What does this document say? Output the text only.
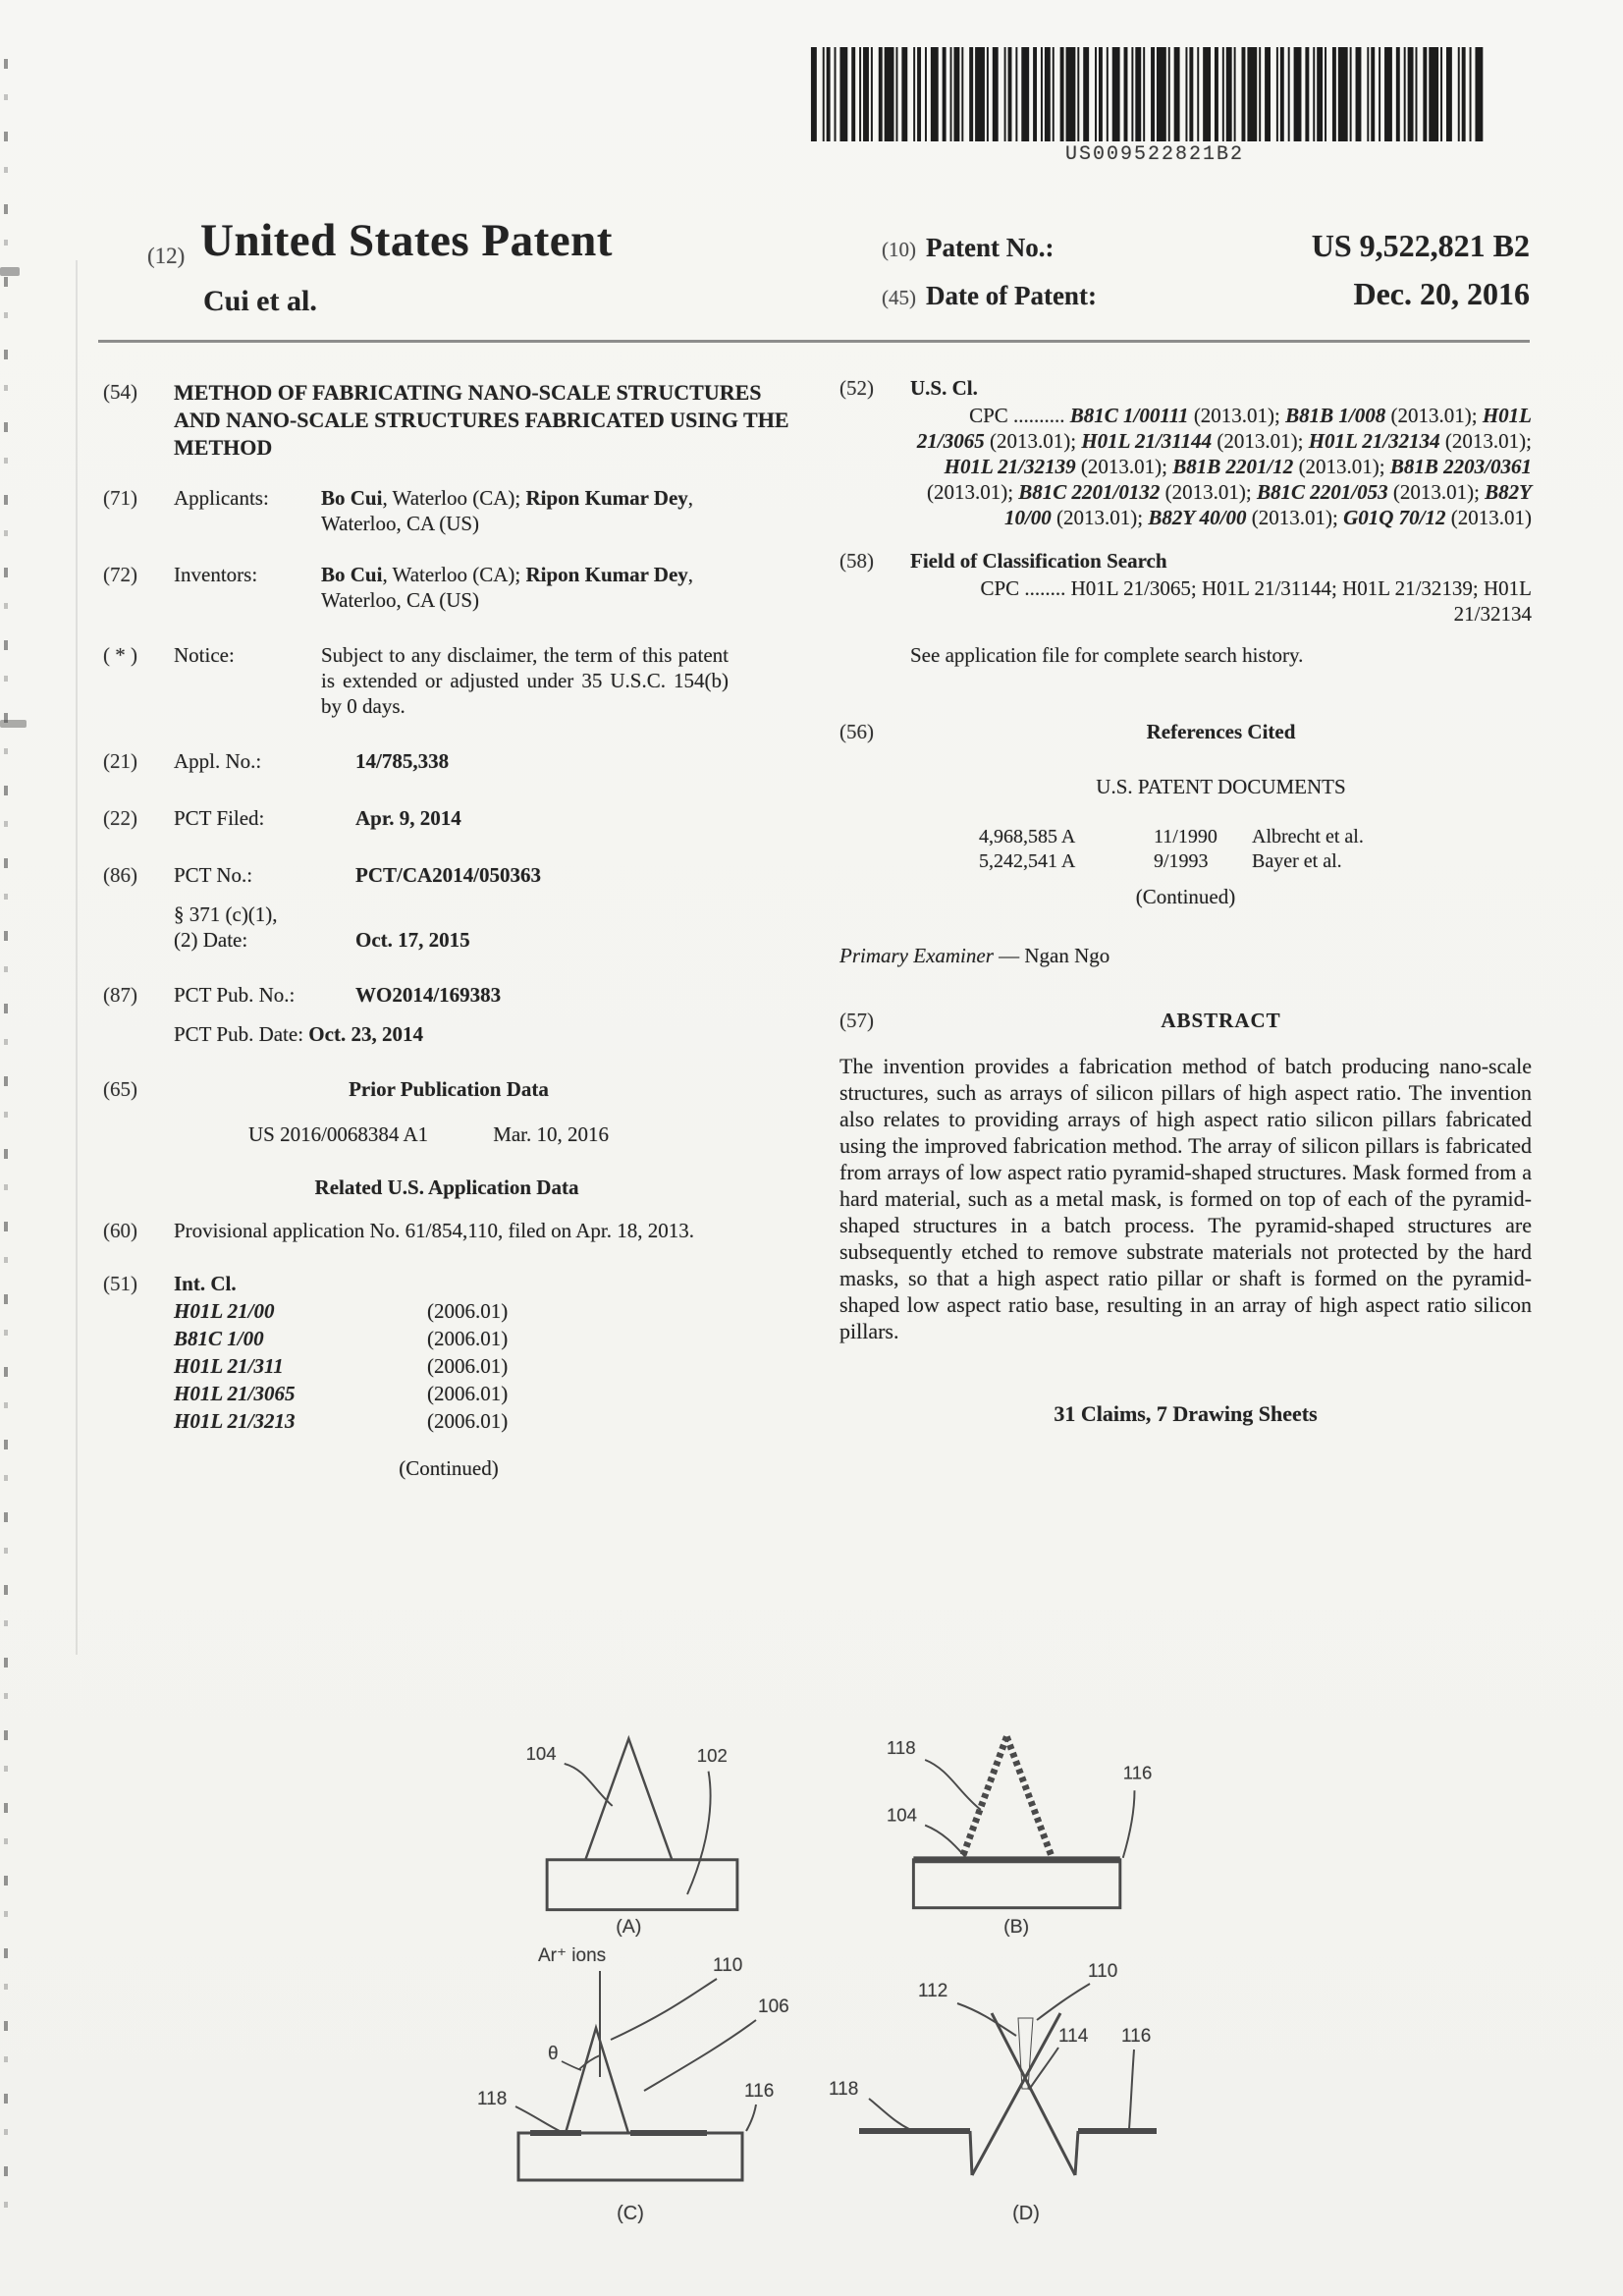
US009522821B2
(12) United States Patent
Cui et al.
(10) Patent No.:	US 9,522,821 B2
(45) Date of Patent:	Dec. 20, 2016
(54)	METHOD OF FABRICATING NANO-SCALE STRUCTURES AND NANO-SCALE STRUCTURES FABRICATED USING THE METHOD
(71)	Applicants:	Bo Cui, Waterloo (CA); Ripon Kumar Dey, Waterloo, CA (US)
(72)	Inventors:	Bo Cui, Waterloo (CA); Ripon Kumar Dey, Waterloo, CA (US)
( * )	Notice:	Subject to any disclaimer, the term of this patent is extended or adjusted under 35 U.S.C. 154(b) by 0 days.
(21)	Appl. No.:	14/785,338
(22)	PCT Filed:	Apr. 9, 2014
(86)	PCT No.:	PCT/CA2014/050363
§ 371 (c)(1),
(2) Date:	Oct. 17, 2015
(87)	PCT Pub. No.:	WO2014/169383
PCT Pub. Date: Oct. 23, 2014
(65)	Prior Publication Data
US 2016/0068384 A1	Mar. 10, 2016
Related U.S. Application Data
(60)	Provisional application No. 61/854,110, filed on Apr. 18, 2013.
(51)	Int. Cl.
H01L 21/00	(2006.01)
B81C 1/00	(2006.01)
H01L 21/311	(2006.01)
H01L 21/3065	(2006.01)
H01L 21/3213	(2006.01)
(Continued)
(52)	U.S. Cl.
CPC .......... B81C 1/00111 (2013.01); B81B 1/008 (2013.01); H01L 21/3065 (2013.01); H01L 21/31144 (2013.01); H01L 21/32134 (2013.01); H01L 21/32139 (2013.01); B81B 2201/12 (2013.01); B81B 2203/0361 (2013.01); B81C 2201/0132 (2013.01); B81C 2201/053 (2013.01); B82Y 10/00 (2013.01); B82Y 40/00 (2013.01); G01Q 70/12 (2013.01)
(58)	Field of Classification Search
CPC ........ H01L 21/3065; H01L 21/31144; H01L 21/32139; H01L 21/32134
See application file for complete search history.
(56)	References Cited
U.S. PATENT DOCUMENTS
4,968,585 A	11/1990	Albrecht et al.
5,242,541 A	9/1993	Bayer et al.
(Continued)
Primary Examiner — Ngan Ngo
(57)	ABSTRACT

The invention provides a fabrication method of batch producing nano-scale structures, such as arrays of silicon pillars of high aspect ratio. The invention also relates to providing arrays of high aspect ratio silicon pillars fabricated using the improved fabrication method. The array of silicon pillars is fabricated from arrays of low aspect ratio pyramid-shaped structures. Mask formed from a hard material, such as a metal mask, is formed on top of each of the pyramid-shaped structures in a batch process. The pyramid-shaped structures are subsequently etched to remove substrate materials not protected by the hard masks, so that a high aspect ratio pillar or shaft is formed on the pyramid-shaped low aspect ratio base, resulting in an array of high aspect ratio silicon pillars.

31 Claims, 7 Drawing Sheets
104	102
(A)
118
104
116
(B)
Ar⁺ ions
θ
110
106
118	116
(C)
112
110
114 116
118
(D)
